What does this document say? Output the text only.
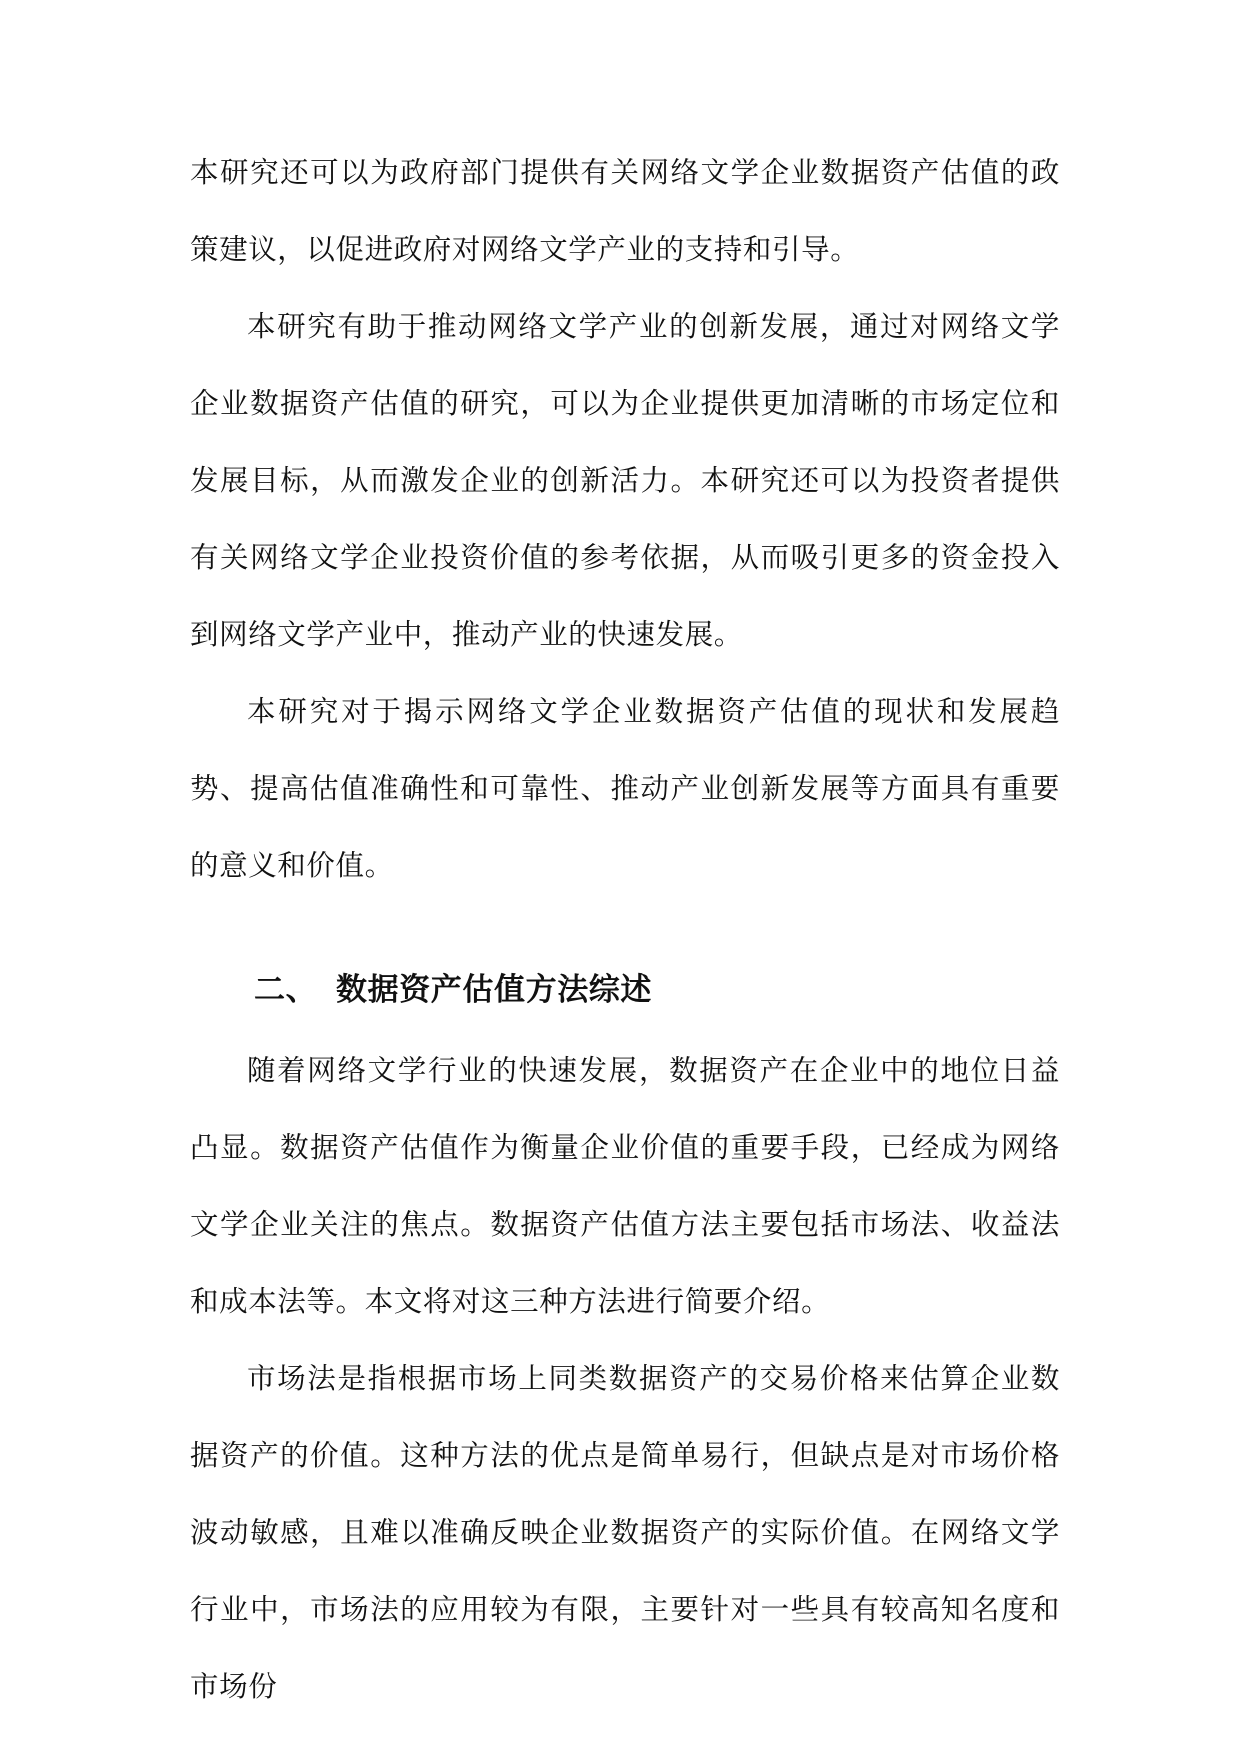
本研究还可以为政府部门提供有关网络文学企业数据资产估值的政策建议，以促进政府对网络文学产业的支持和引导。

本研究有助于推动网络文学产业的创新发展，通过对网络文学企业数据资产估值的研究，可以为企业提供更加清晰的市场定位和发展目标，从而激发企业的创新活力。本研究还可以为投资者提供有关网络文学企业投资价值的参考依据，从而吸引更多的资金投入到网络文学产业中，推动产业的快速发展。

本研究对于揭示网络文学企业数据资产估值的现状和发展趋势、提高估值准确性和可靠性、推动产业创新发展等方面具有重要的意义和价值。

二、 数据资产估值方法综述

随着网络文学行业的快速发展，数据资产在企业中的地位日益凸显。数据资产估值作为衡量企业价值的重要手段，已经成为网络文学企业关注的焦点。数据资产估值方法主要包括市场法、收益法和成本法等。本文将对这三种方法进行简要介绍。

市场法是指根据市场上同类数据资产的交易价格来估算企业数据资产的价值。这种方法的优点是简单易行，但缺点是对市场价格波动敏感，且难以准确反映企业数据资产的实际价值。在网络文学行业中，市场法的应用较为有限，主要针对一些具有较高知名度和市场份
